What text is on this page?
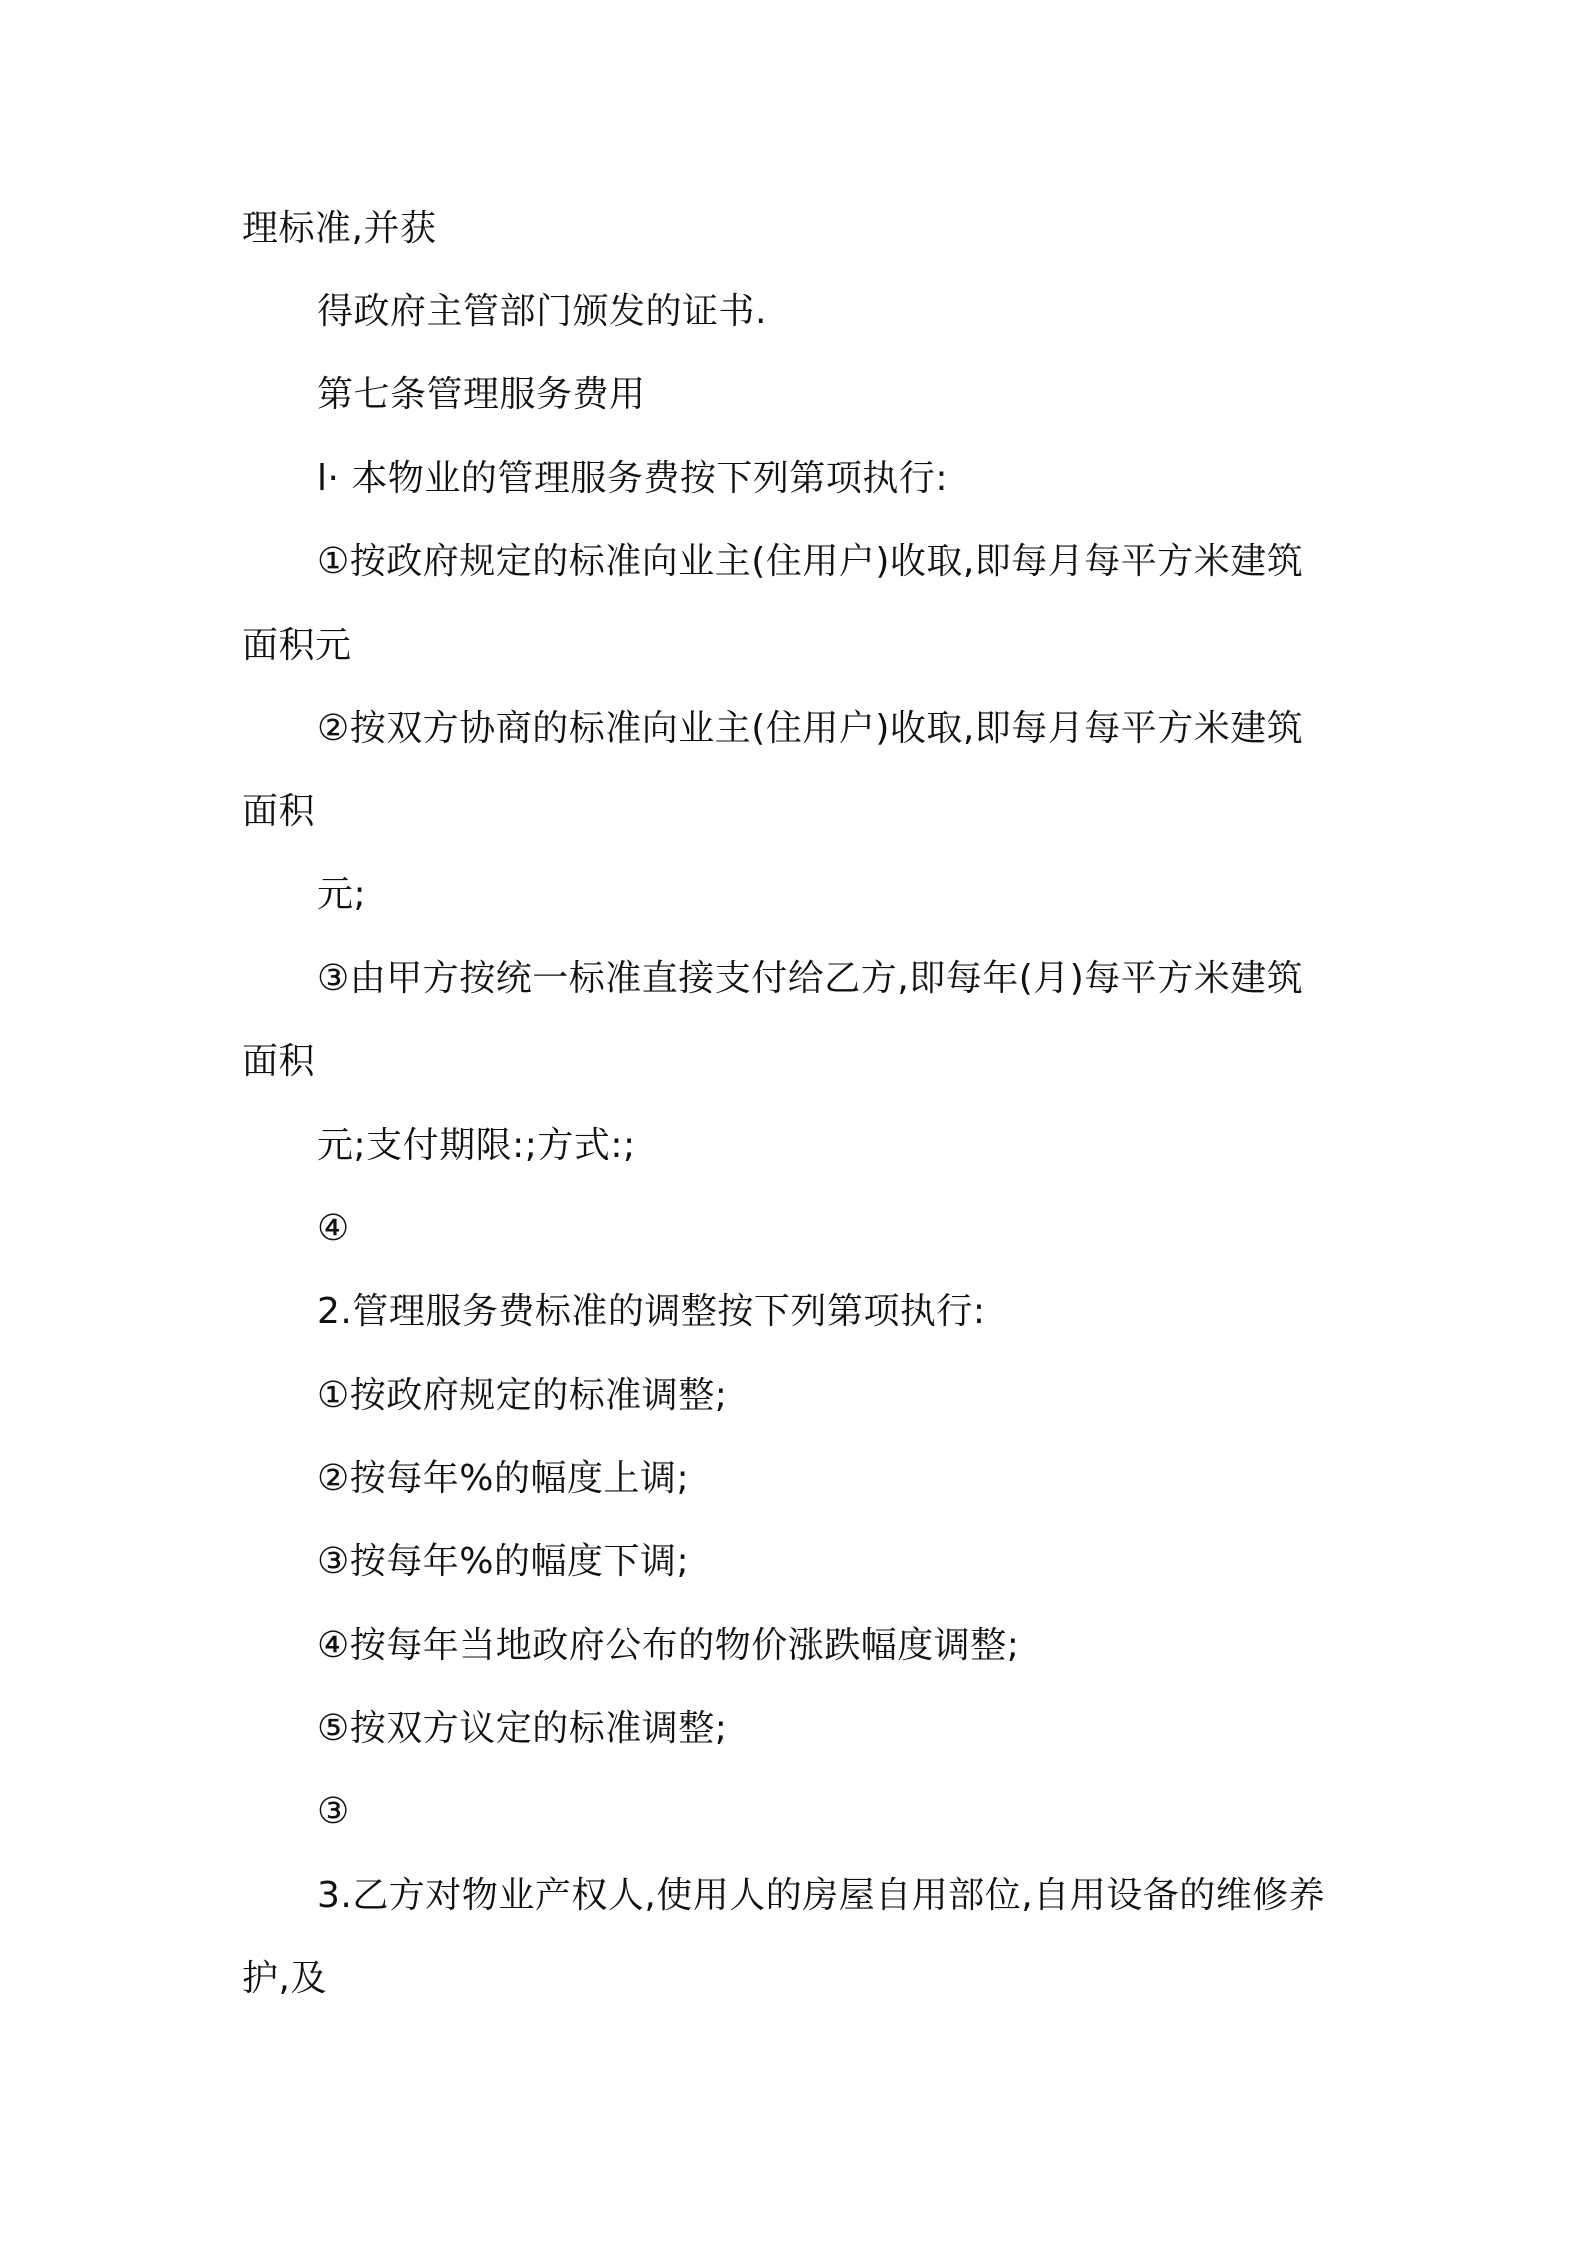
理标准,并获
得政府主管部门颁发的证书.
第七条管理服务费用
l· 本物业的管理服务费按下列第项执行:
①按政府规定的标准向业主(住用户)收取,即每月每平方米建筑
面积元
②按双方协商的标准向业主(住用户)收取,即每月每平方米建筑
面积
元;
③由甲方按统一标准直接支付给乙方,即每年(月)每平方米建筑
面积
元;支付期限:;方式:;
④
2.管理服务费标准的调整按下列第项执行:
①按政府规定的标准调整;
②按每年%的幅度上调;
③按每年%的幅度下调;
④按每年当地政府公布的物价涨跌幅度调整;
⑤按双方议定的标准调整;
③
3.乙方对物业产权人,使用人的房屋自用部位,自用设备的维修养
护,及
